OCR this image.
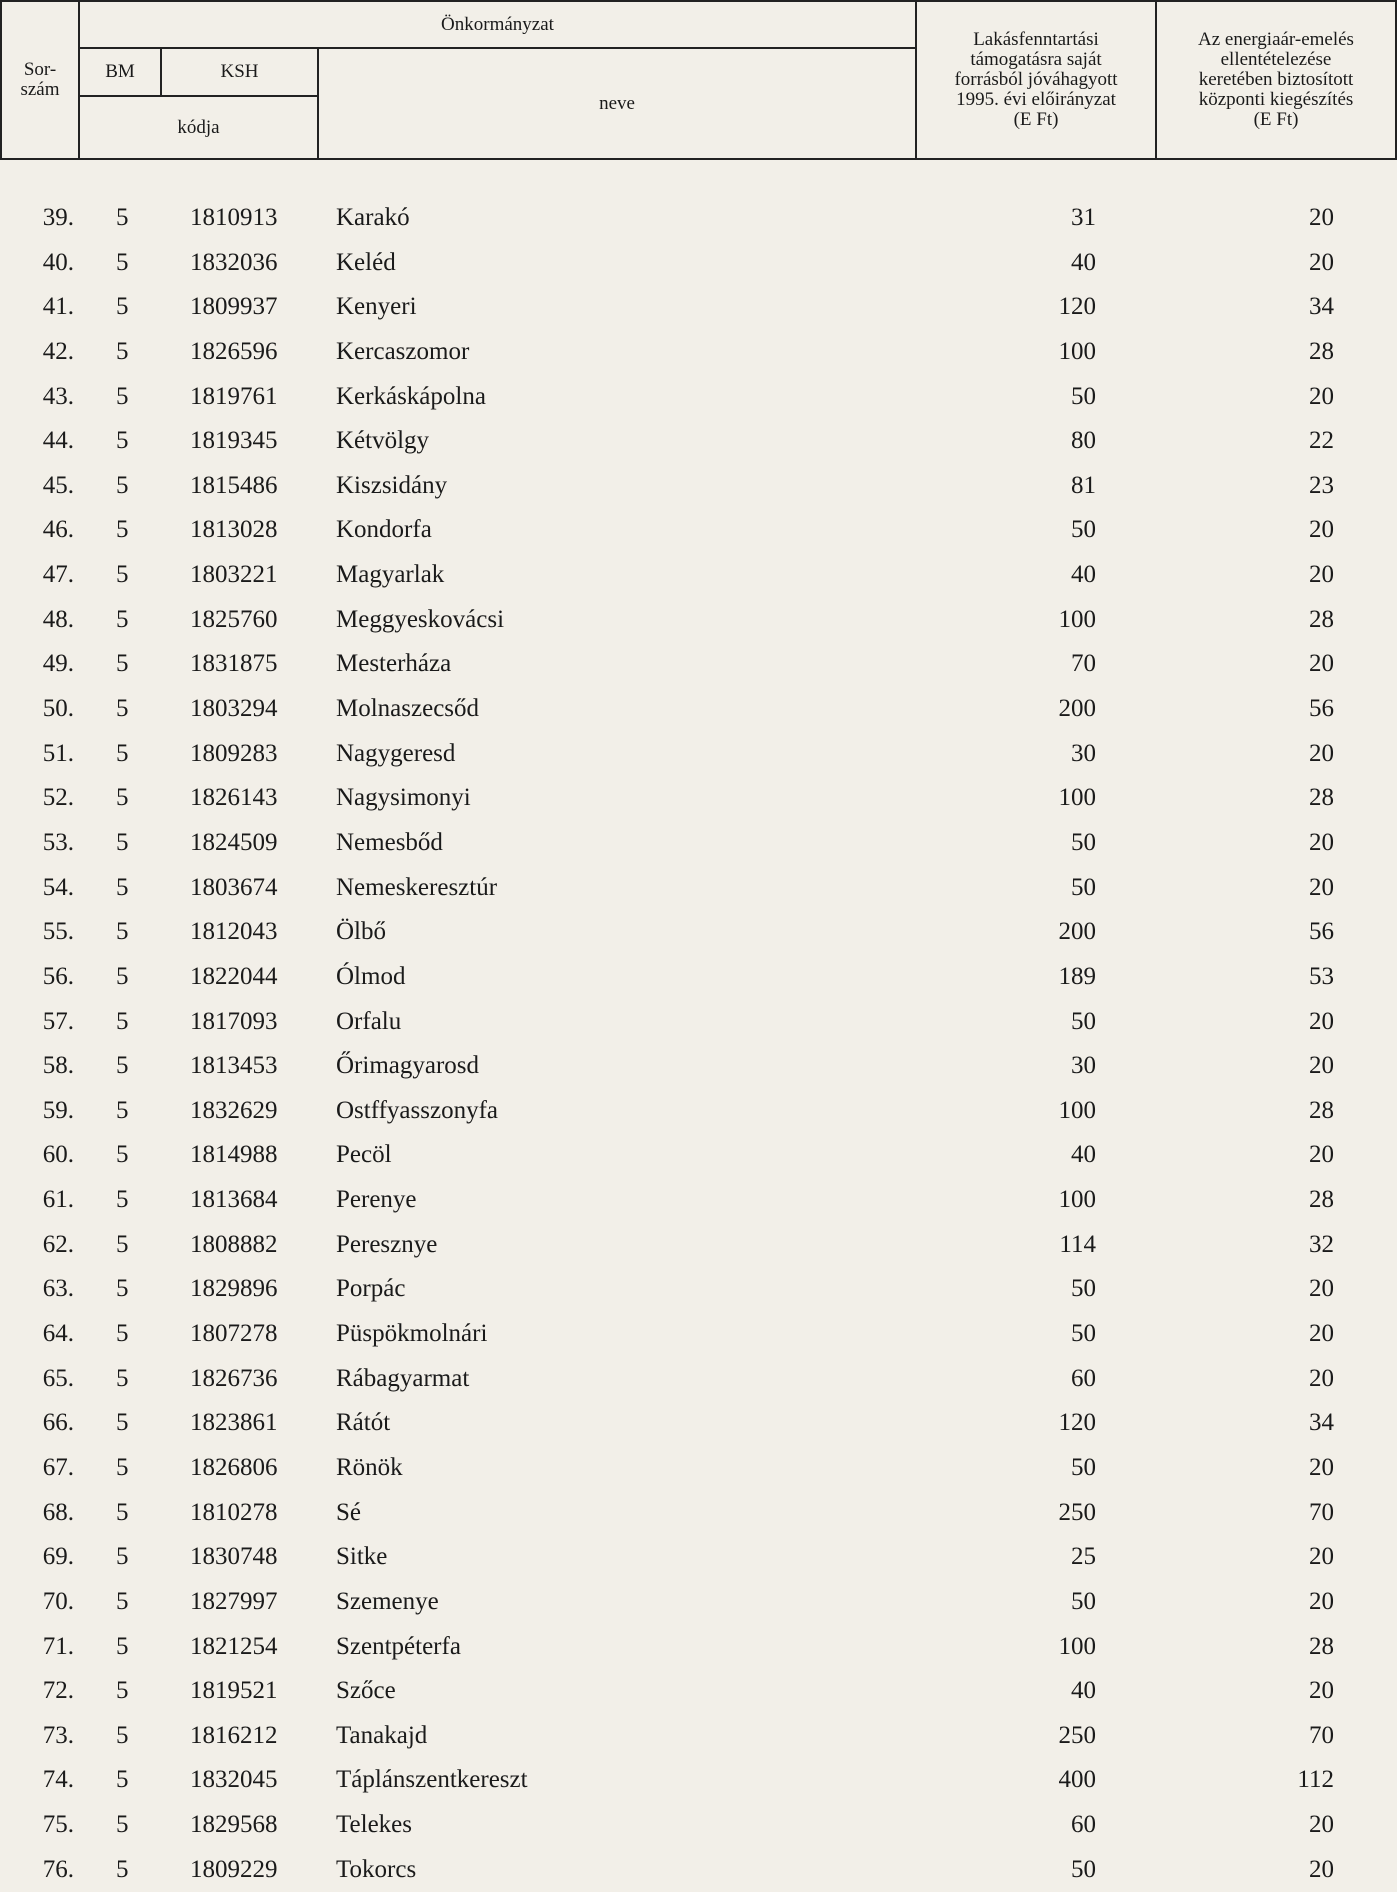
Önkormányzat
Sor-
szám
BM	KSH
kódja
neve
Lakásfenntartási
támogatásra saját
forrásból jóváhagyott
1995. évi előirányzat
(E Ft)
Az energiaár-emelés
ellentételezése
keretében biztosított
központi kiegészítés
(E Ft)
39. 5 1810913 Karakó	31	20
40. 5 1832036 Keléd	40	20
41. 5 1809937 Kenyeri	120	34
42. 5 1826596 Kercaszomor	100	28
43. 5 1819761 Kerkáskápolna	50	20
44. 5 1819345 Kétvölgy	80	22
45. 5 1815486 Kiszsidány	81	23
46. 5 1813028 Kondorfa	50	20
47. 5 1803221 Magyarlak	40	20
48. 5 1825760 Meggyeskovácsi	100	28
49. 5 1831875 Mesterháza	70	20
50. 5 1803294 Molnaszecsőd	200	56
51. 5 1809283 Nagygeresd	30	20
52. 5 1826143 Nagysimonyi	100	28
53. 5 1824509 Nemesbőd	50	20
54. 5 1803674 Nemeskeresztúr	50	20
55. 5 1812043 Ölbő	200	56
56. 5 1822044 Ólmod	189	53
57. 5 1817093 Orfalu	50	20
58. 5 1813453 Őrimagyarosd	30	20
59. 5 1832629 Ostffyasszonyfa	100	28
60. 5 1814988 Pecöl	40	20
61. 5 1813684 Perenye	100	28
62. 5 1808882 Peresznye	114	32
63. 5 1829896 Porpác	50	20
64. 5 1807278 Püspökmolnári	50	20
65. 5 1826736 Rábagyarmat	60	20
66. 5 1823861 Rátót	120	34
67. 5 1826806 Rönök	50	20
68. 5 1810278 Sé	250	70
69. 5 1830748 Sitke	25	20
70. 5 1827997 Szemenye	50	20
71. 5 1821254 Szentpéterfa	100	28
72. 5 1819521 Szőce	40	20
73. 5 1816212 Tanakajd	250	70
74. 5 1832045 Táplánszentkereszt	400	112
75. 5 1829568 Telekes	60	20
76. 5 1809229 Tokorcs	50	20
